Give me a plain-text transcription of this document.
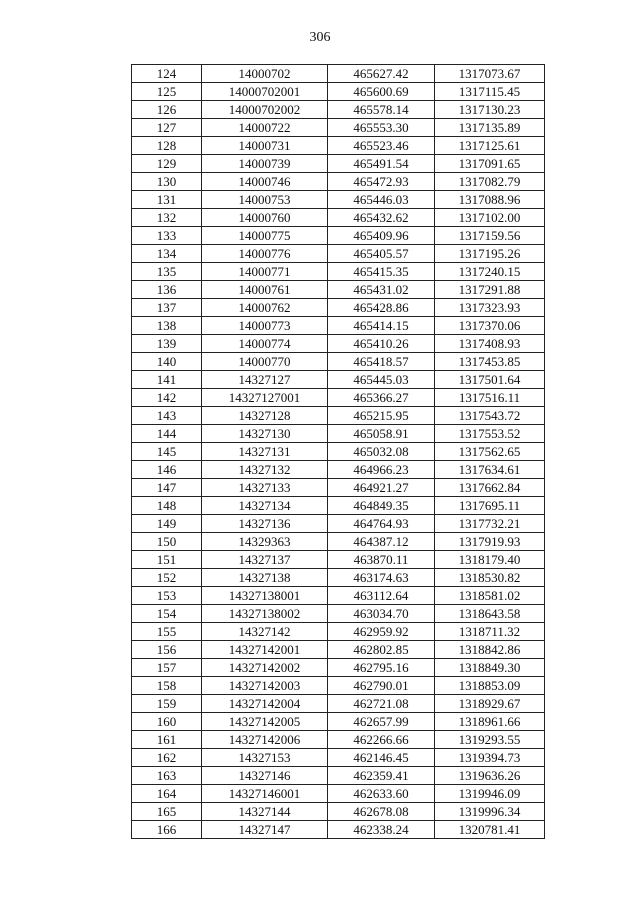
306
124	14000702	465627.42	1317073.67
125	14000702001	465600.69	1317115.45
126	14000702002	465578.14	1317130.23
127	14000722	465553.30	1317135.89
128	14000731	465523.46	1317125.61
129	14000739	465491.54	1317091.65
130	14000746	465472.93	1317082.79
131	14000753	465446.03	1317088.96
132	14000760	465432.62	1317102.00
133	14000775	465409.96	1317159.56
134	14000776	465405.57	1317195.26
135	14000771	465415.35	1317240.15
136	14000761	465431.02	1317291.88
137	14000762	465428.86	1317323.93
138	14000773	465414.15	1317370.06
139	14000774	465410.26	1317408.93
140	14000770	465418.57	1317453.85
141	14327127	465445.03	1317501.64
142	14327127001	465366.27	1317516.11
143	14327128	465215.95	1317543.72
144	14327130	465058.91	1317553.52
145	14327131	465032.08	1317562.65
146	14327132	464966.23	1317634.61
147	14327133	464921.27	1317662.84
148	14327134	464849.35	1317695.11
149	14327136	464764.93	1317732.21
150	14329363	464387.12	1317919.93
151	14327137	463870.11	1318179.40
152	14327138	463174.63	1318530.82
153	14327138001	463112.64	1318581.02
154	14327138002	463034.70	1318643.58
155	14327142	462959.92	1318711.32
156	14327142001	462802.85	1318842.86
157	14327142002	462795.16	1318849.30
158	14327142003	462790.01	1318853.09
159	14327142004	462721.08	1318929.67
160	14327142005	462657.99	1318961.66
161	14327142006	462266.66	1319293.55
162	14327153	462146.45	1319394.73
163	14327146	462359.41	1319636.26
164	14327146001	462633.60	1319946.09
165	14327144	462678.08	1319996.34
166	14327147	462338.24	1320781.41
